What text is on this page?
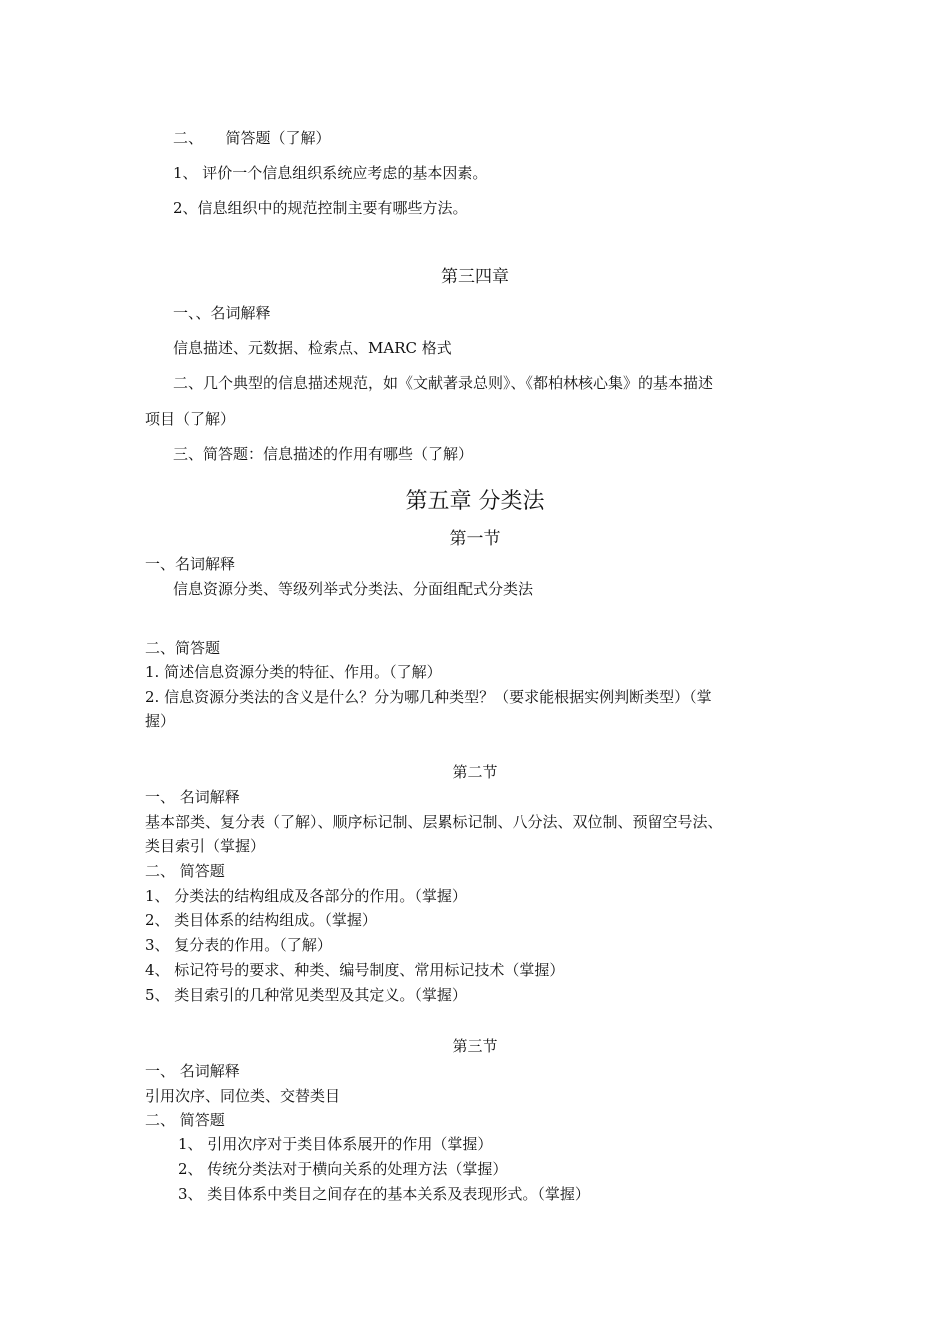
二、　　简答题（了解）
1、 评价一个信息组织系统应考虑的基本因素。
2、信息组织中的规范控制主要有哪些方法。
第三四章
一、、名词解释
信息描述、元数据、检索点、MARC 格式
二、几个典型的信息描述规范，如《文献著录总则》、《都柏林核心集》的基本描述
项目（了解）
三、简答题：信息描述的作用有哪些（了解）
第五章 分类法
第一节
一、名词解释
信息资源分类、等级列举式分类法、分面组配式分类法
二、简答题
1. 简述信息资源分类的特征、作用。（了解）
2. 信息资源分类法的含义是什么？分为哪几种类型？（要求能根据实例判断类型）（掌
握）
第二节
一、 名词解释
基本部类、复分表（了解）、顺序标记制、层累标记制、八分法、双位制、预留空号法、
类目索引（掌握）
二、 简答题
1、 分类法的结构组成及各部分的作用。（掌握）
2、 类目体系的结构组成。（掌握）
3、 复分表的作用。（了解）
4、 标记符号的要求、种类、编号制度、常用标记技术（掌握）
5、 类目索引的几种常见类型及其定义。（掌握）
第三节
一、 名词解释
引用次序、同位类、交替类目
二、 简答题
1、 引用次序对于类目体系展开的作用（掌握）
2、 传统分类法对于横向关系的处理方法（掌握）
3、 类目体系中类目之间存在的基本关系及表现形式。（掌握）
